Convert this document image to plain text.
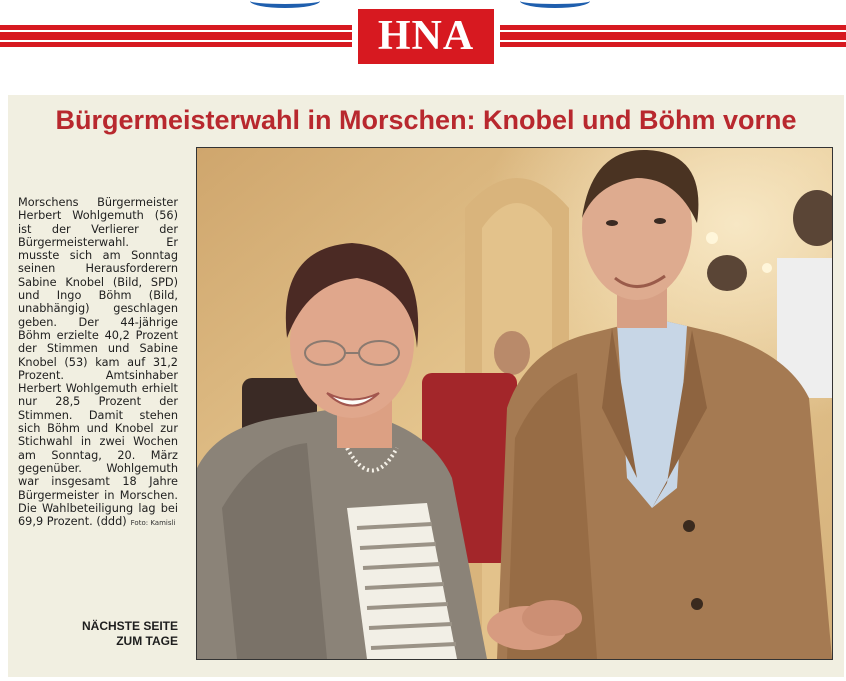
HNA
Bürgermeisterwahl in Morschen: Knobel und Böhm vorne
Morschens Bürgermeister Herbert Wohlgemuth (56) ist der Verlierer der Bürgermeisterwahl. Er musste sich am Sonntag seinen Herausforderern Sabine Knobel (Bild, SPD) und Ingo Böhm (Bild, unabhängig) geschlagen geben. Der 44-jährige Böhm erzielte 40,2 Prozent der Stimmen und Sabine Knobel (53) kam auf 31,2 Prozent. Amtsinhaber Herbert Wohlgemuth erhielt nur 28,5 Prozent der Stimmen. Damit stehen sich Böhm und Knobel zur Stichwahl in zwei Wochen am Sonntag, 20. März gegenüber. Wohlgemuth war insgesamt 18 Jahre Bürgermeister in Morschen. Die Wahlbeteiligung lag bei 69,9 Prozent. (ddd) Foto: Kamisli
NÄCHSTE SEITE
ZUM TAGE
